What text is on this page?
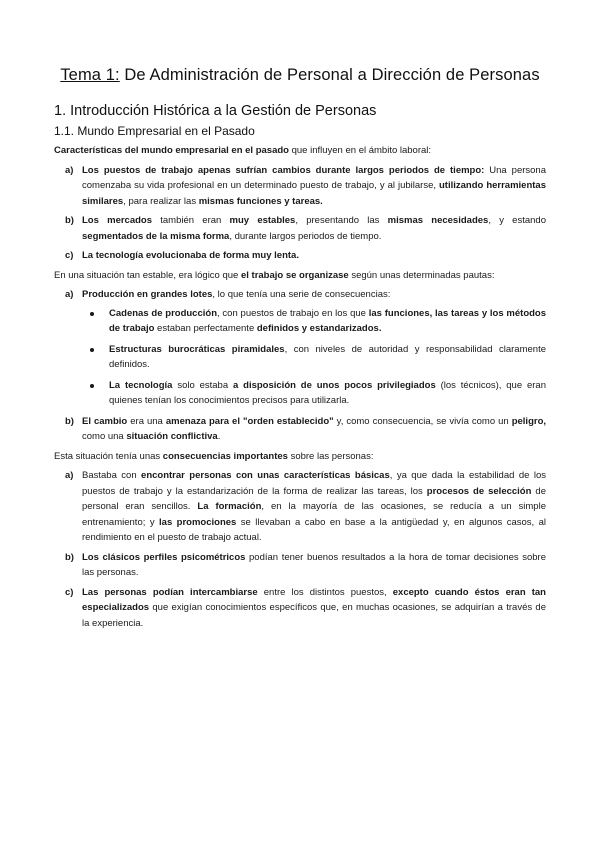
Tema 1: De Administración de Personal a Dirección de Personas
1. Introducción Histórica a la Gestión de Personas
1.1. Mundo Empresarial en el Pasado

Características del mundo empresarial en el pasado que influyen en el ámbito laboral:

a) Los puestos de trabajo apenas sufrían cambios durante largos periodos de tiempo: Una persona comenzaba su vida profesional en un determinado puesto de trabajo, y al jubilarse, utilizando herramientas similares, para realizar las mismas funciones y tareas.
b) Los mercados también eran muy estables, presentando las mismas necesidades, y estando segmentados de la misma forma, durante largos periodos de tiempo.
c) La tecnología evolucionaba de forma muy lenta.

En una situación tan estable, era lógico que el trabajo se organizase según unas determinadas pautas:

a) Producción en grandes lotes, lo que tenía una serie de consecuencias:
Cadenas de producción, con puestos de trabajo en los que las funciones, las tareas y los métodos de trabajo estaban perfectamente definidos y estandarizados.
Estructuras burocráticas piramidales, con niveles de autoridad y responsabilidad claramente definidos.
La tecnología solo estaba a disposición de unos pocos privilegiados (los técnicos), que eran quienes tenían los conocimientos precisos para utilizarla.
b) El cambio era una amenaza para el "orden establecido" y, como consecuencia, se vivía como un peligro, como una situación conflictiva.

Esta situación tenía unas consecuencias importantes sobre las personas:

a) Bastaba con encontrar personas con unas características básicas, ya que dada la estabilidad de los puestos de trabajo y la estandarización de la forma de realizar las tareas, los procesos de selección de personal eran sencillos. La formación, en la mayoría de las ocasiones, se reducía a un simple entrenamiento; y las promociones se llevaban a cabo en base a la antigüedad y, en algunos casos, al rendimiento en el puesto de trabajo actual.
b) Los clásicos perfiles psicométricos podían tener buenos resultados a la hora de tomar decisiones sobre las personas.
c) Las personas podían intercambiarse entre los distintos puestos, excepto cuando éstos eran tan especializados que exigían conocimientos específicos que, en muchas ocasiones, se adquirían a través de la experiencia.
